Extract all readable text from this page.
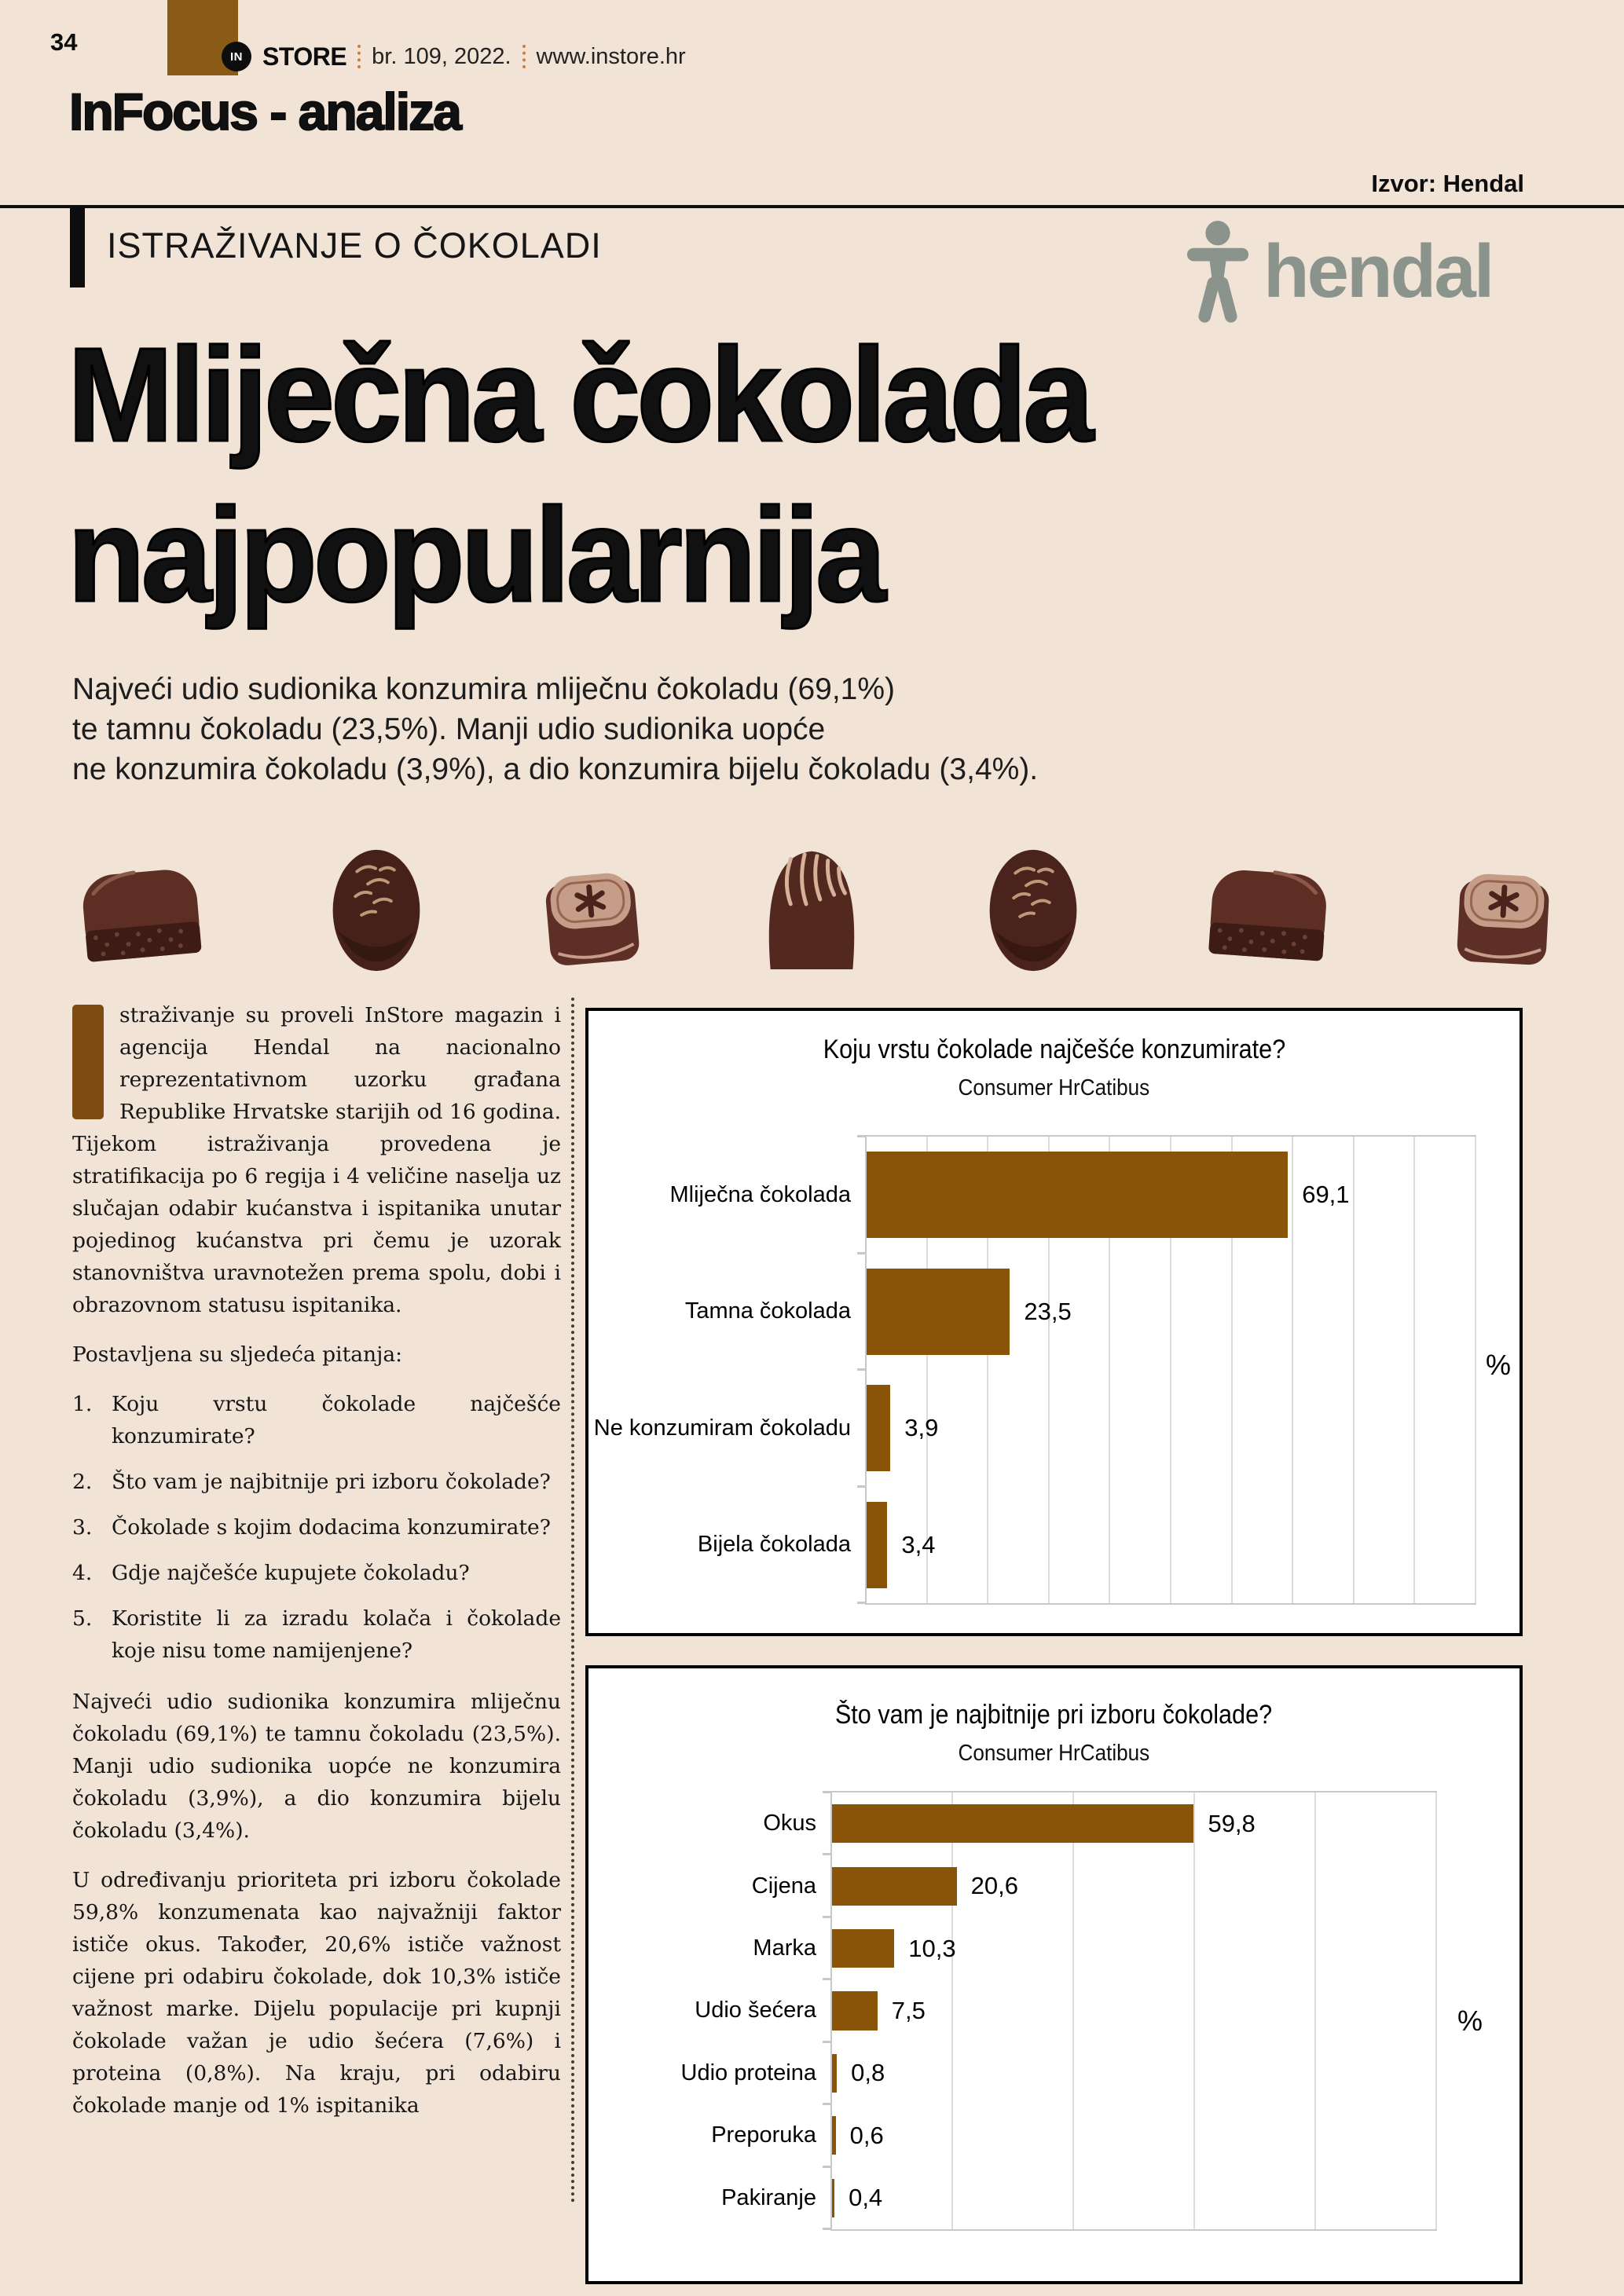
34
IN STORE br. 109, 2022. www.instore.hr
InFocus - analiza
Izvor: Hendal
ISTRAŽIVANJE O ČOKOLADI	hendal
Mliječna čokolada
najpopularnija
Najveći udio sudionika konzumira mliječnu čokoladu (69,1%)
te tamnu čokoladu (23,5%). Manji udio sudionika uopće
ne konzumira čokoladu (3,9%), a dio konzumira bijelu čokoladu (3,4%).

straživanje su proveli InStore magazin i agencija Hendal na nacionalno reprezentativnom uzorku građana Republike Hrvatske starijih od 16 godina. Tijekom istraživanja provedena je stratifikacija po 6 regija i 4 veličine naselja uz slučajan odabir kućanstva i ispitanika unutar pojedinog kućanstva pri čemu je uzorak stanovništva uravnotežen prema spolu, dobi i obrazovnom statusu ispitanika.

Postavljena su sljedeća pitanja:

1. Koju vrstu čokolade najčešće konzumirate?
2. Što vam je najbitnije pri izboru čokolade?
3. Čokolade s kojim dodacima konzumirate?
4. Gdje najčešće kupujete čokoladu?
5. Koristite li za izradu kolača i čokolade koje nisu tome namijenjene?

Najveći udio sudionika konzumira mliječnu čokoladu (69,1%) te tamnu čokoladu (23,5%). Manji udio sudionika uopće ne konzumira čokoladu (3,9%), a dio konzumira bijelu čokoladu (3,4%).

U određivanju prioriteta pri izboru čokolade 59,8% konzumenata kao najvažniji faktor ističe okus. Također, 20,6% ističe važnost cijene pri odabiru čokolade, dok 10,3% ističe važnost marke. Dijelu populacije pri kupnji čokolade važan je udio šećera (7,6%) i proteina (0,8%). Na kraju, pri odabiru čokolade manje od 1% ispitanika

Koju vrstu čokolade najčešće konzumirate?
Consumer HrCatibus
Mliječna čokolada	69,1
Tamna čokolada	23,5
Ne konzumiram čokoladu 3,9
Bijela čokolada 3,4
%
Što vam je najbitnije pri izboru čokolade?
Consumer HrCatibus
Okus	59,8
Cijena	20,6
Marka	10,3
Udio šećera	7,5
Udio proteina 0,8
Preporuka 0,6
Pakiranje 0,4
%
